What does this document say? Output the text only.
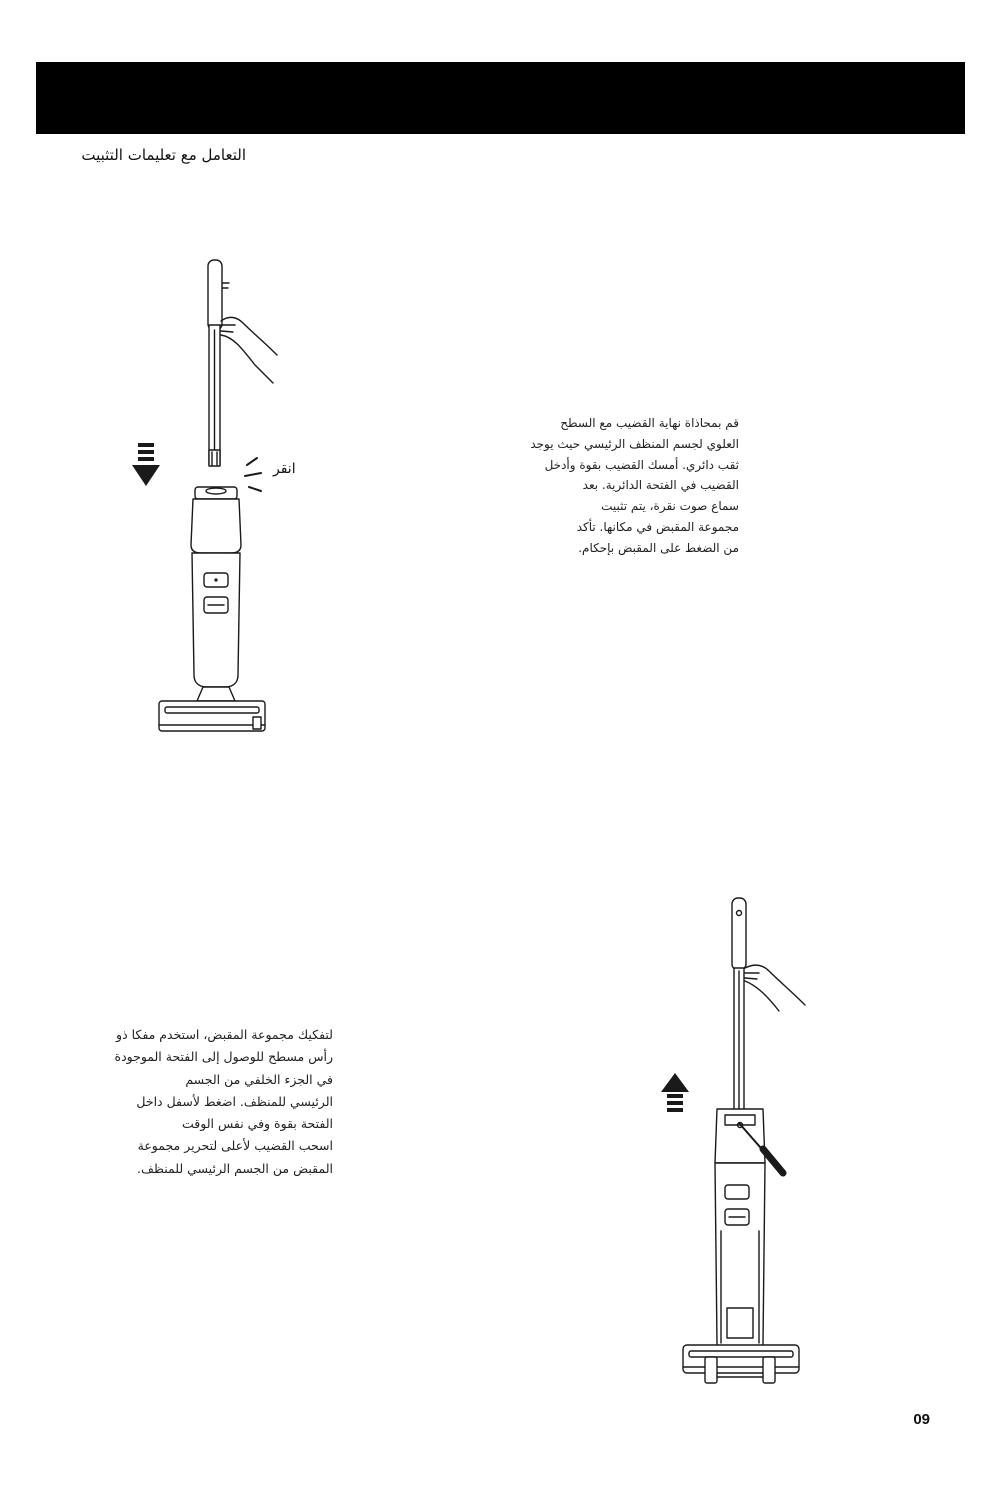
التعامل مع تعليمات التثبيت
انقر
قم بمحاذاة نهاية القضيب مع السطح
العلوي لجسم المنظف الرئيسي حيث يوجد
ثقب دائري. أمسك القضيب بقوة وأدخل
القضيب في الفتحة الدائرية. بعد
سماع صوت نقرة، يتم تثبيت
مجموعة المقبض في مكانها. تأكد
من الضغط على المقبض بإحكام.
لتفكيك مجموعة المقبض، استخدم مفكا ذو
رأس مسطح للوصول إلى الفتحة الموجودة
في الجزء الخلفي من الجسم
الرئيسي للمنظف. اضغط لأسفل داخل
الفتحة بقوة وفي نفس الوقت
اسحب القضيب لأعلى لتحرير مجموعة
المقبض من الجسم الرئيسي للمنظف.
09
